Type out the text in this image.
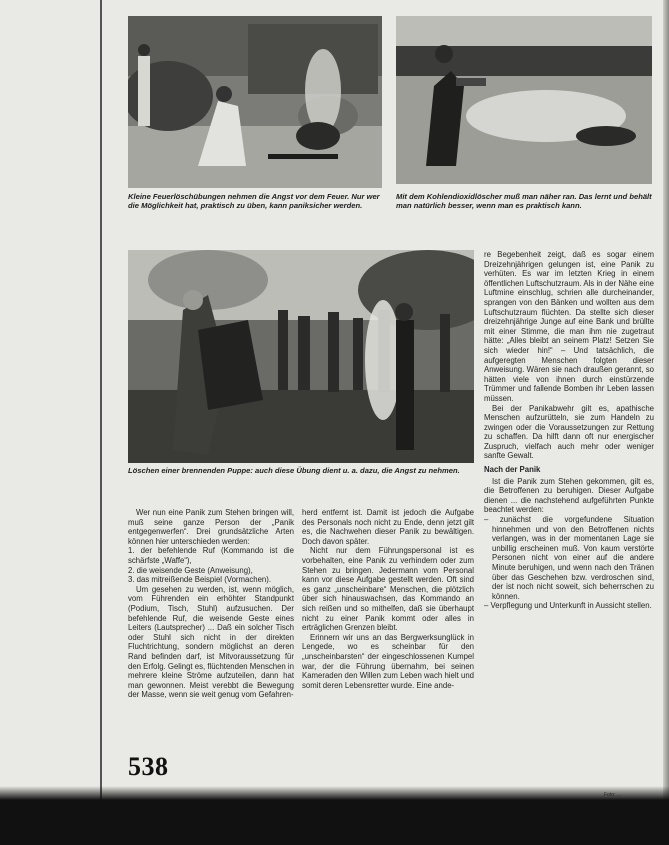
Kleine Feuerlöschübungen nehmen die Angst vor dem Feuer. Nur wer die Möglichkeit hat, praktisch zu üben, kann paniksicher werden.
Mit dem Kohlendioxidlöscher muß man näher ran. Das lernt und behält man natürlich besser, wenn man es praktisch kann.
Löschen einer brennenden Puppe: auch diese Übung dient u. a. dazu, die Angst zu nehmen.

Wer nun eine Panik zum Stehen bringen will, muß seine ganze Person der „Panik entgegenwerfen“. Drei grundsätzliche Arten können hier unterschieden werden:

1. der befehlende Ruf (Kommando ist die schärfste „Waffe“),

2. die weisende Geste (Anweisung),

3. das mitreißende Beispiel (Vormachen).

Um gesehen zu werden, ist, wenn möglich, vom Führenden ein erhöhter Standpunkt (Podium, Tisch, Stuhl) aufzusuchen. Der befehlende Ruf, die weisende Geste eines Leiters (Lautsprecher) ... Daß ein solcher Tisch oder Stuhl sich nicht in der direkten Fluchtrichtung, sondern möglichst an deren Rand befinden darf, ist Mitvoraussetzung für den Erfolg. Gelingt es, flüchtenden Menschen in mehrere kleine Ströme aufzuteilen, dann hat man gewonnen. Meist verebbt die Bewegung der Masse, wenn sie weit genug vom Gefahren-

herd entfernt ist. Damit ist jedoch die Aufgabe des Personals noch nicht zu Ende, denn jetzt gilt es, die Nachwehen dieser Panik zu bewältigen. Doch davon später.

Nicht nur dem Führungspersonal ist es vorbehalten, eine Panik zu verhindern oder zum Stehen zu bringen. Jedermann vom Personal kann vor diese Aufgabe gestellt werden. Oft sind es ganz „unscheinbare“ Menschen, die plötzlich über sich hinauswachsen, das Kommando an sich reißen und so mithelfen, daß sie überhaupt nicht zu einer Panik kommt oder alles in erträglichen Grenzen bleibt.

Erinnern wir uns an das Bergwerksunglück in Lengede, wo es scheinbar für den „unscheinbarsten“ der eingeschlossenen Kumpel war, der die Führung übernahm, bei seinen Kameraden den Willen zum Leben wach hielt und somit deren Lebensretter wurde. Eine ande-

re Begebenheit zeigt, daß es sogar einem Dreizehnjährigen gelungen ist, eine Panik zu verhüten. Es war im letzten Krieg in einem öffentlichen Luftschutzraum. Als in der Nähe eine Luftmine einschlug, schrien alle durcheinander, sprangen von den Bänken und wollten aus dem Luftschutzraum flüchten. Da stellte sich dieser dreizehnjährige Junge auf eine Bank und brüllte mit einer Stimme, die man ihm nie zugetraut hätte: „Alles bleibt an seinem Platz! Setzen Sie sich wieder hin!“ – Und tatsächlich, die aufgeregten Menschen folgten dieser Anweisung. Wären sie nach draußen gerannt, so hätten viele von ihnen durch einstürzende Trümmer und fallende Bomben ihr Leben lassen müssen.

Bei der Panikabwehr gilt es, apathische Menschen aufzurütteln, sie zum Handeln zu zwingen oder die Voraussetzungen zur Rettung zu schaffen. Da hilft dann oft nur energischer Zuspruch, vielfach auch mehr oder weniger sanfte Gewalt.

Nach der Panik

Ist die Panik zum Stehen gekommen, gilt es, die Betroffenen zu beruhigen. Dieser Aufgabe dienen ... die nachstehend aufgeführten Punkte beachtet werden:

– zunächst die vorgefundene Situation hinnehmen und von den Betroffenen nichts verlangen, was in der momentanen Lage sie unbillig erscheinen muß. Von kaum verstörte Personen nicht von einer auf die andere Minute beruhigen, und wenn nach den Tränen über das Geschehen bzw. verdroschen sind, der ist noch nicht soweit, sich beherrschen zu können.

– Verpflegung und Unterkunft in Aussicht stellen.

538
